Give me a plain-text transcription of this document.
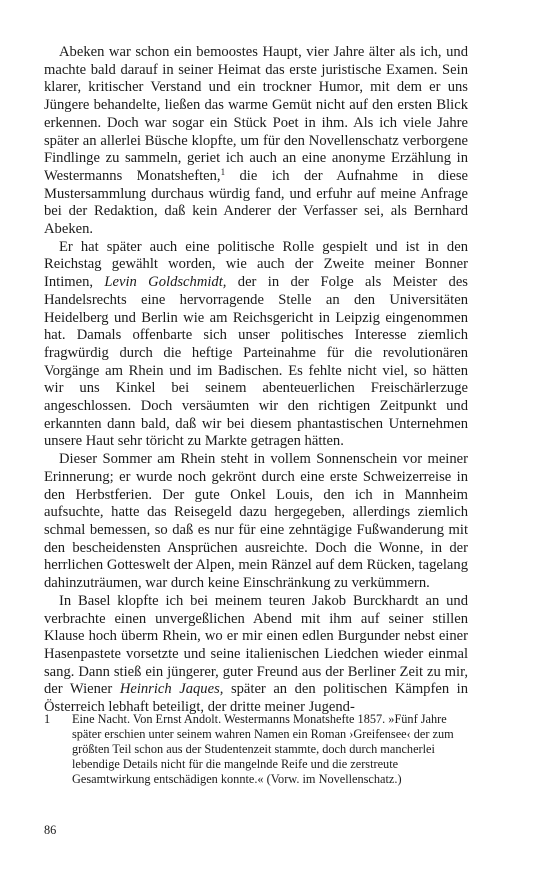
Abeken war schon ein bemoostes Haupt, vier Jahre älter als ich, und machte bald darauf in seiner Heimat das erste juristische Examen. Sein klarer, kritischer Verstand und ein trockner Humor, mit dem er uns Jüngere behandelte, ließen das warme Gemüt nicht auf den ersten Blick erkennen. Doch war sogar ein Stück Poet in ihm. Als ich viele Jahre später an allerlei Büsche klopfte, um für den Novellenschatz verborgene Findlinge zu sammeln, geriet ich auch an eine anonyme Erzählung in Westermanns Monatsheften,$^1$ die ich der Aufnahme in diese Mustersammlung durchaus würdig fand, und erfuhr auf meine Anfrage bei der Redaktion, daß kein Anderer der Verfasser sei, als Bernhard Abeken.

Er hat später auch eine politische Rolle gespielt und ist in den Reichstag gewählt worden, wie auch der Zweite meiner Bonner Intimen, Levin Goldschmidt, der in der Folge als Meister des Handelsrechts eine hervorragende Stelle an den Universitäten Heidelberg und Berlin wie am Reichsgericht in Leipzig eingenommen hat. Damals offenbarte sich unser politisches Interesse ziemlich fragwürdig durch die heftige Parteinahme für die revolutionären Vorgänge am Rhein und im Badischen. Es fehlte nicht viel, so hätten wir uns Kinkel bei seinem abenteuerlichen Freischärlerzuge angeschlossen. Doch versäumten wir den richtigen Zeitpunkt und erkannten dann bald, daß wir bei diesem phantastischen Unternehmen unsere Haut sehr töricht zu Markte getragen hätten.

Dieser Sommer am Rhein steht in vollem Sonnenschein vor meiner Erinnerung; er wurde noch gekrönt durch eine erste Schweizerreise in den Herbstferien. Der gute Onkel Louis, den ich in Mannheim aufsuchte, hatte das Reisegeld dazu hergegeben, allerdings ziemlich schmal bemessen, so daß es nur für eine zehntägige Fußwanderung mit den bescheidensten Ansprüchen ausreichte. Doch die Wonne, in der herrlichen Gotteswelt der Alpen, mein Ränzel auf dem Rücken, tagelang dahinzuträumen, war durch keine Einschränkung zu verkümmern.

In Basel klopfte ich bei meinem teuren Jakob Burckhardt an und verbrachte einen unvergeßlichen Abend mit ihm auf seiner stillen Klause hoch überm Rhein, wo er mir einen edlen Burgunder nebst einer Hasenpastete vorsetzte und seine italienischen Liedchen wieder einmal sang. Dann stieß ein jüngerer, guter Freund aus der Berliner Zeit zu mir, der Wiener Heinrich Jaques, später an den politischen Kämpfen in Österreich lebhaft beteiligt, der dritte meiner Jugend-

1	Eine Nacht. Von Ernst Andolt. Westermanns Monatshefte 1857. »Fünf Jahre später erschien unter seinem wahren Namen ein Roman ›Greifensee‹ der zum größten Teil schon aus der Studentenzeit stammte, doch durch mancherlei lebendige Details nicht für die mangelnde Reife und die zerstreute Gesamtwirkung entschädigen konnte.« (Vorw. im Novellenschatz.)
86
